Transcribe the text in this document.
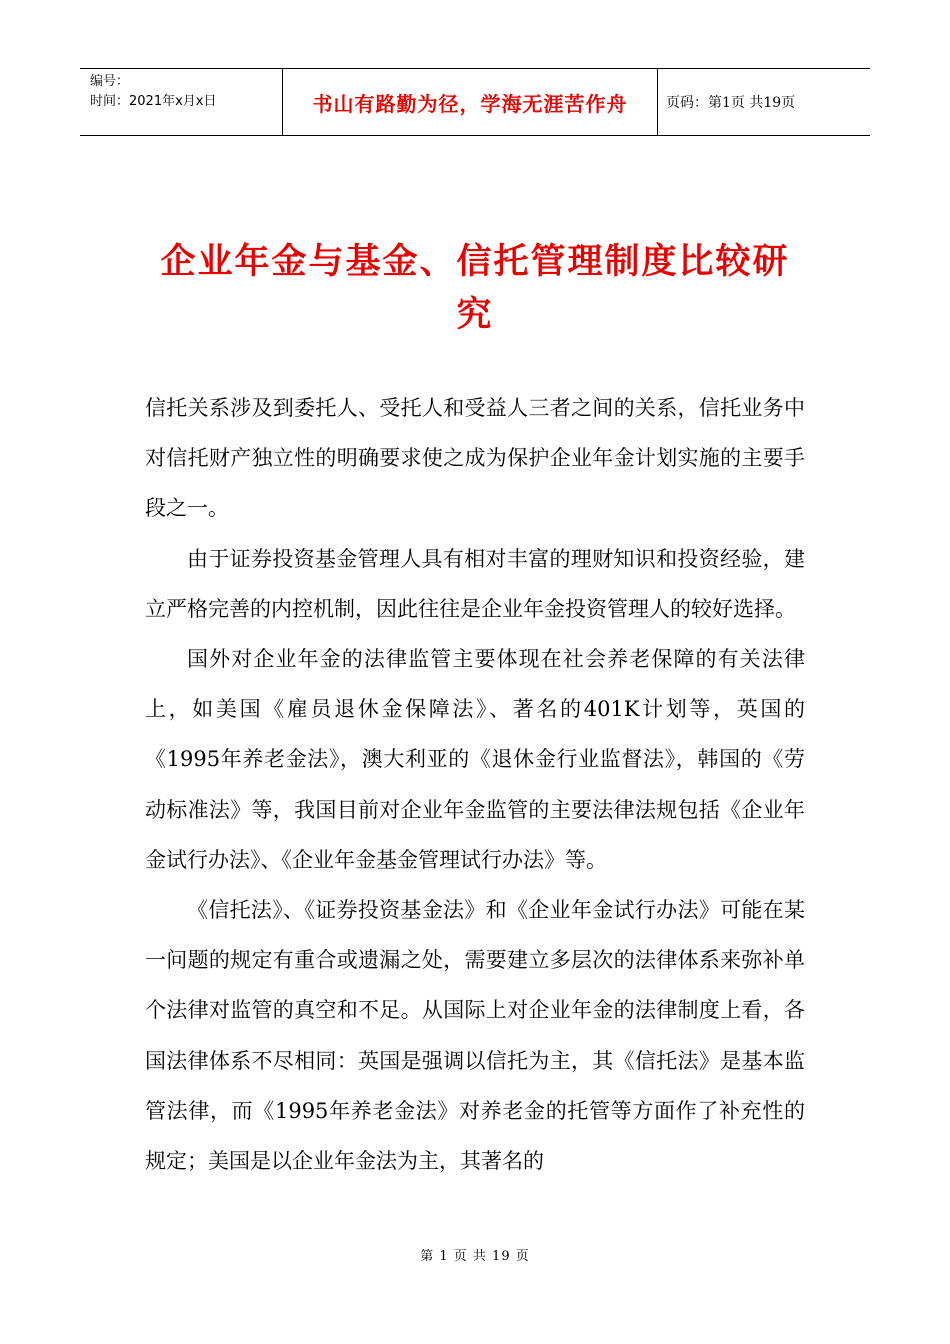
编号：
时间：2021年x月x日	书山有路勤为径，学海无涯苦作舟	页码：第1页 共19页
企业年金与基金、信托管理制度比较研
究

信托关系涉及到委托人、受托人和受益人三者之间的关系，信托业务中对信托财产独立性的明确要求使之成为保护企业年金计划实施的主要手段之一。

由于证券投资基金管理人具有相对丰富的理财知识和投资经验，建立严格完善的内控机制，因此往往是企业年金投资管理人的较好选择。

国外对企业年金的法律监管主要体现在社会养老保障的有关法律上，如美国《雇员退休金保障法》、著名的401K计划等，英国的《1995年养老金法》，澳大利亚的《退休金行业监督法》，韩国的《劳动标准法》等，我国目前对企业年金监管的主要法律法规包括《企业年金试行办法》、《企业年金基金管理试行办法》等。

《信托法》、《证券投资基金法》和《企业年金试行办法》可能在某一问题的规定有重合或遗漏之处，需要建立多层次的法律体系来弥补单个法律对监管的真空和不足。从国际上对企业年金的法律制度上看，各国法律体系不尽相同：英国是强调以信托为主，其《信托法》是基本监管法律，而《1995年养老金法》对养老金的托管等方面作了补充性的规定；美国是以企业年金法为主，其著名的

第 1 页 共 19 页
